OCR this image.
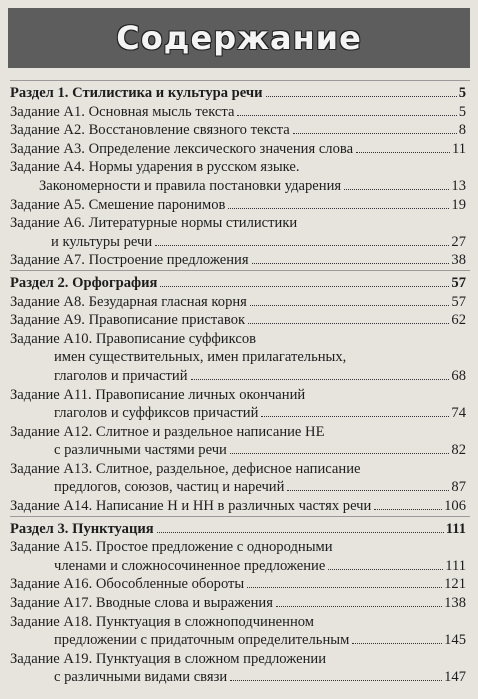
Содержание
Раздел 1. Стилистика и культура речи	5
Задание А1. Основная мысль текста	5
Задание А2. Восстановление связного текста	8
Задание А3. Определение лексического значения слова	11
Задание А4. Нормы ударения в русском языке.
Закономерности и правила постановки ударения	13
Задание А5. Смешение паронимов	19
Задание А6. Литературные нормы стилистики
и культуры речи	27
Задание А7. Построение предложения	38
Раздел 2. Орфография	57
Задание А8. Безударная гласная корня	57
Задание А9. Правописание приставок	62
Задание А10. Правописание суффиксов
имен существительных, имен прилагательных,
глаголов и причастий	68
Задание А11. Правописание личных окончаний
глаголов и суффиксов причастий	74
Задание А12. Слитное и раздельное написание НЕ
с различными частями речи	82
Задание А13. Слитное, раздельное, дефисное написание
предлогов, союзов, частиц и наречий	87
Задание А14. Написание Н и НН в различных частях речи	106
Раздел 3. Пунктуация	111
Задание А15. Простое предложение с однородными
членами и сложносочиненное предложение	111
Задание А16. Обособленные обороты	121
Задание А17. Вводные слова и выражения	138
Задание А18. Пунктуация в сложноподчиненном
предложении с придаточным определительным	145
Задание А19. Пунктуация в сложном предложении
с различными видами связи	147
